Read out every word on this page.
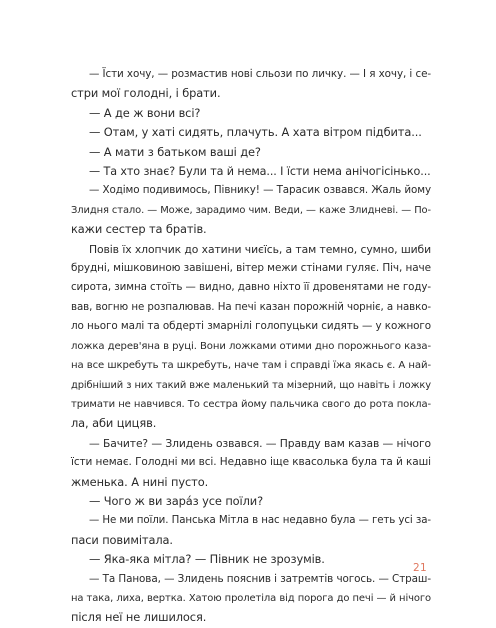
— Їсти хочу, — розмастив нові сльози по личку. — І я хочу, і се-
стри мої голодні, і брати.
— А де ж вони всі?
— Отам, у хаті сидять, плачуть. А хата вітром підбита...
— А мати з батьком ваші де?
— Та хто знає? Були та й нема... І їсти нема анічогісінько...
— Ходімо подивимось, Півнику! — Тарасик озвався. Жаль йому
Злидня стало. — Може, зарадимо чим. Веди, — каже Злидневі. — По-
кажи сестер та братів.
Повів їх хлопчик до хатини чиєїсь, а там темно, сумно, шиби
брудні, мішковиною завішені, вітер межи стінами гуляє. Піч, наче
сирота, зимна стоїть — видно, давно ніхто її дровенятами не году-
вав, вогню не розпалював. На печі казан порожній чорніє, а навко-
ло нього малі та обдерті змарнілі голопуцьки сидять — у кожного
ложка дерев'яна в руці. Вони ложками отими дно порожнього каза-
на все шкребуть та шкребуть, наче там і справді їжа якась є. А най-
дрібніший з них такий вже маленький та мізерний, що навіть і ложку
тримати не навчився. То сестра йому пальчика свого до рота покла-
ла, аби цицяв.
— Бачите? — Злидень озвався. — Правду вам казав — нічого
їсти немає. Голодні ми всі. Недавно іще квасолька була та й каші
жменька. А нині пусто.
— Чого ж ви зарáз усе поїли?
— Не ми поїли. Панська Мітла в нас недавно була — геть усі за-
паси повимітала.
— Яка-яка мітла? — Півник не зрозумів.
— Та Панова, — Злидень пояснив і затремтів чогось. — Страш-
на така, лиха, вертка. Хатою пролетіла від порога до печі — й нічого
після неї не лишилося.
21
